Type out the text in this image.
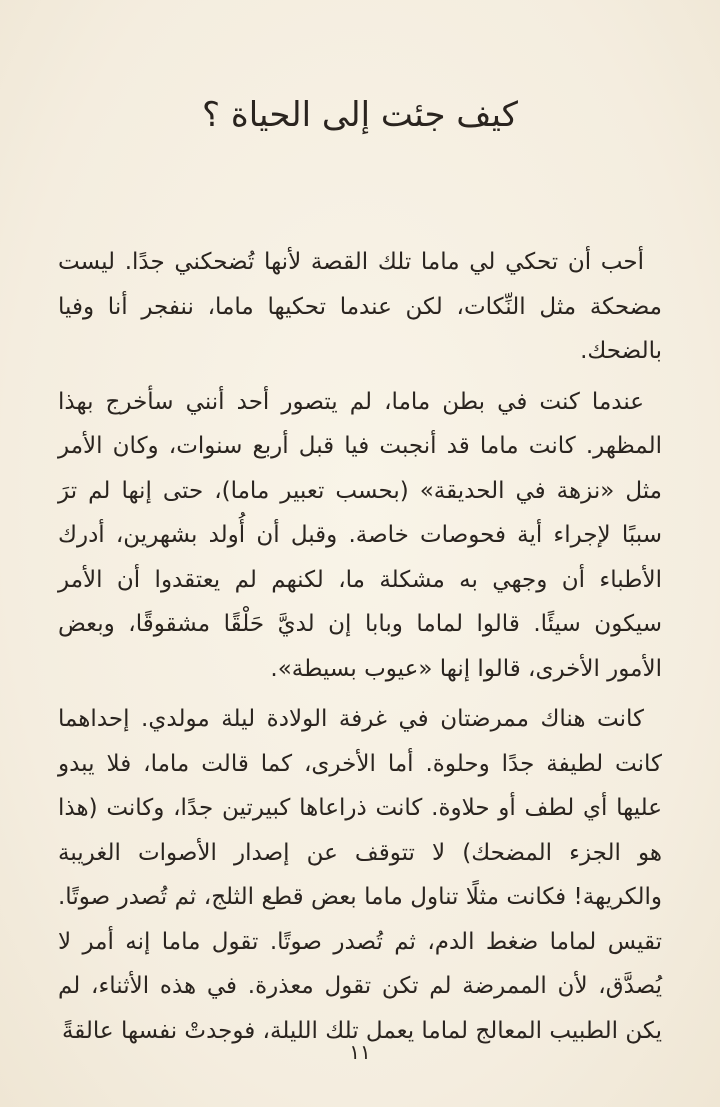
كيف جئت إلى الحياة ؟

أحب أن تحكي لي ماما تلك القصة لأنها تُضحكني جدًا. ليست مضحكة مثل النِّكات، لكن عندما تحكيها ماما، ننفجر أنا وفيا بالضحك.

عندما كنت في بطن ماما، لم يتصور أحد أنني سأخرج بهذا المظهر. كانت ماما قد أنجبت فيا قبل أربع سنوات، وكان الأمر مثل «نزهة في الحديقة» (بحسب تعبير ماما)، حتى إنها لم ترَ سببًا لإجراء أية فحوصات خاصة. وقبل أن أُولد بشهرين، أدرك الأطباء أن وجهي به مشكلة ما، لكنهم لم يعتقدوا أن الأمر سيكون سيئًا. قالوا لماما وبابا إن لديَّ حَلْقًا مشقوقًا، وبعض الأمور الأخرى، قالوا إنها «عيوب بسيطة».

كانت هناك ممرضتان في غرفة الولادة ليلة مولدي. إحداهما كانت لطيفة جدًا وحلوة. أما الأخرى، كما قالت ماما، فلا يبدو عليها أي لطف أو حلاوة. كانت ذراعاها كبيرتين جدًا، وكانت (هذا هو الجزء المضحك) لا تتوقف عن إصدار الأصوات الغريبة والكريهة! فكانت مثلًا تناول ماما بعض قطع الثلج، ثم تُصدر صوتًا. تقيس لماما ضغط الدم، ثم تُصدر صوتًا. تقول ماما إنه أمر لا يُصدَّق، لأن الممرضة لم تكن تقول معذرة. في هذه الأثناء، لم يكن الطبيب المعالج لماما يعمل تلك الليلة، فوجدتْ نفسها عالقةً

١١
